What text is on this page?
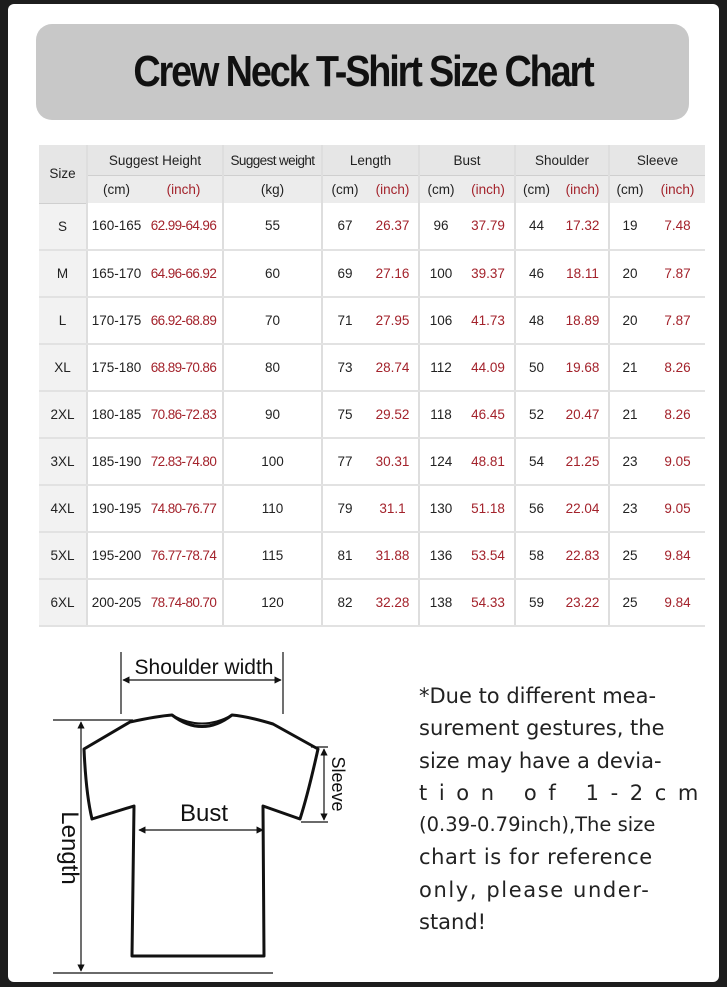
Crew Neck T-Shirt Size Chart
Size	Suggest Height		Suggest weight	Length		Bust		Shoulder		Sleeve	
	(cm)	(inch)	(kg)	(cm)	(inch)	(cm)	(inch)	(cm)	(inch)	(cm)	(inch)
S	160-165	62.99-64.96	55	67	26.37	96	37.79	44	17.32	19	7.48
M	165-170	64.96-66.92	60	69	27.16	100	39.37	46	18.11	20	7.87
L	170-175	66.92-68.89	70	71	27.95	106	41.73	48	18.89	20	7.87
XL	175-180	68.89-70.86	80	73	28.74	112	44.09	50	19.68	21	8.26
2XL	180-185	70.86-72.83	90	75	29.52	118	46.45	52	20.47	21	8.26
3XL	185-190	72.83-74.80	100	77	30.31	124	48.81	54	21.25	23	9.05
4XL	190-195	74.80-76.77	110	79	31.1	130	51.18	56	22.04	23	9.05
5XL	195-200	76.77-78.74	115	81	31.88	136	53.54	58	22.83	25	9.84
6XL	200-205	78.74-80.70	120	82	32.28	138	54.33	59	23.22	25	9.84
Shoulder width
Length	Bust
Sleeve

*Due to different mea-
surement gestures, the
size may have a devia-
tion of 1-2cm
(0.39-0.79inch),The size
chart is for reference
only, please under-
stand!
